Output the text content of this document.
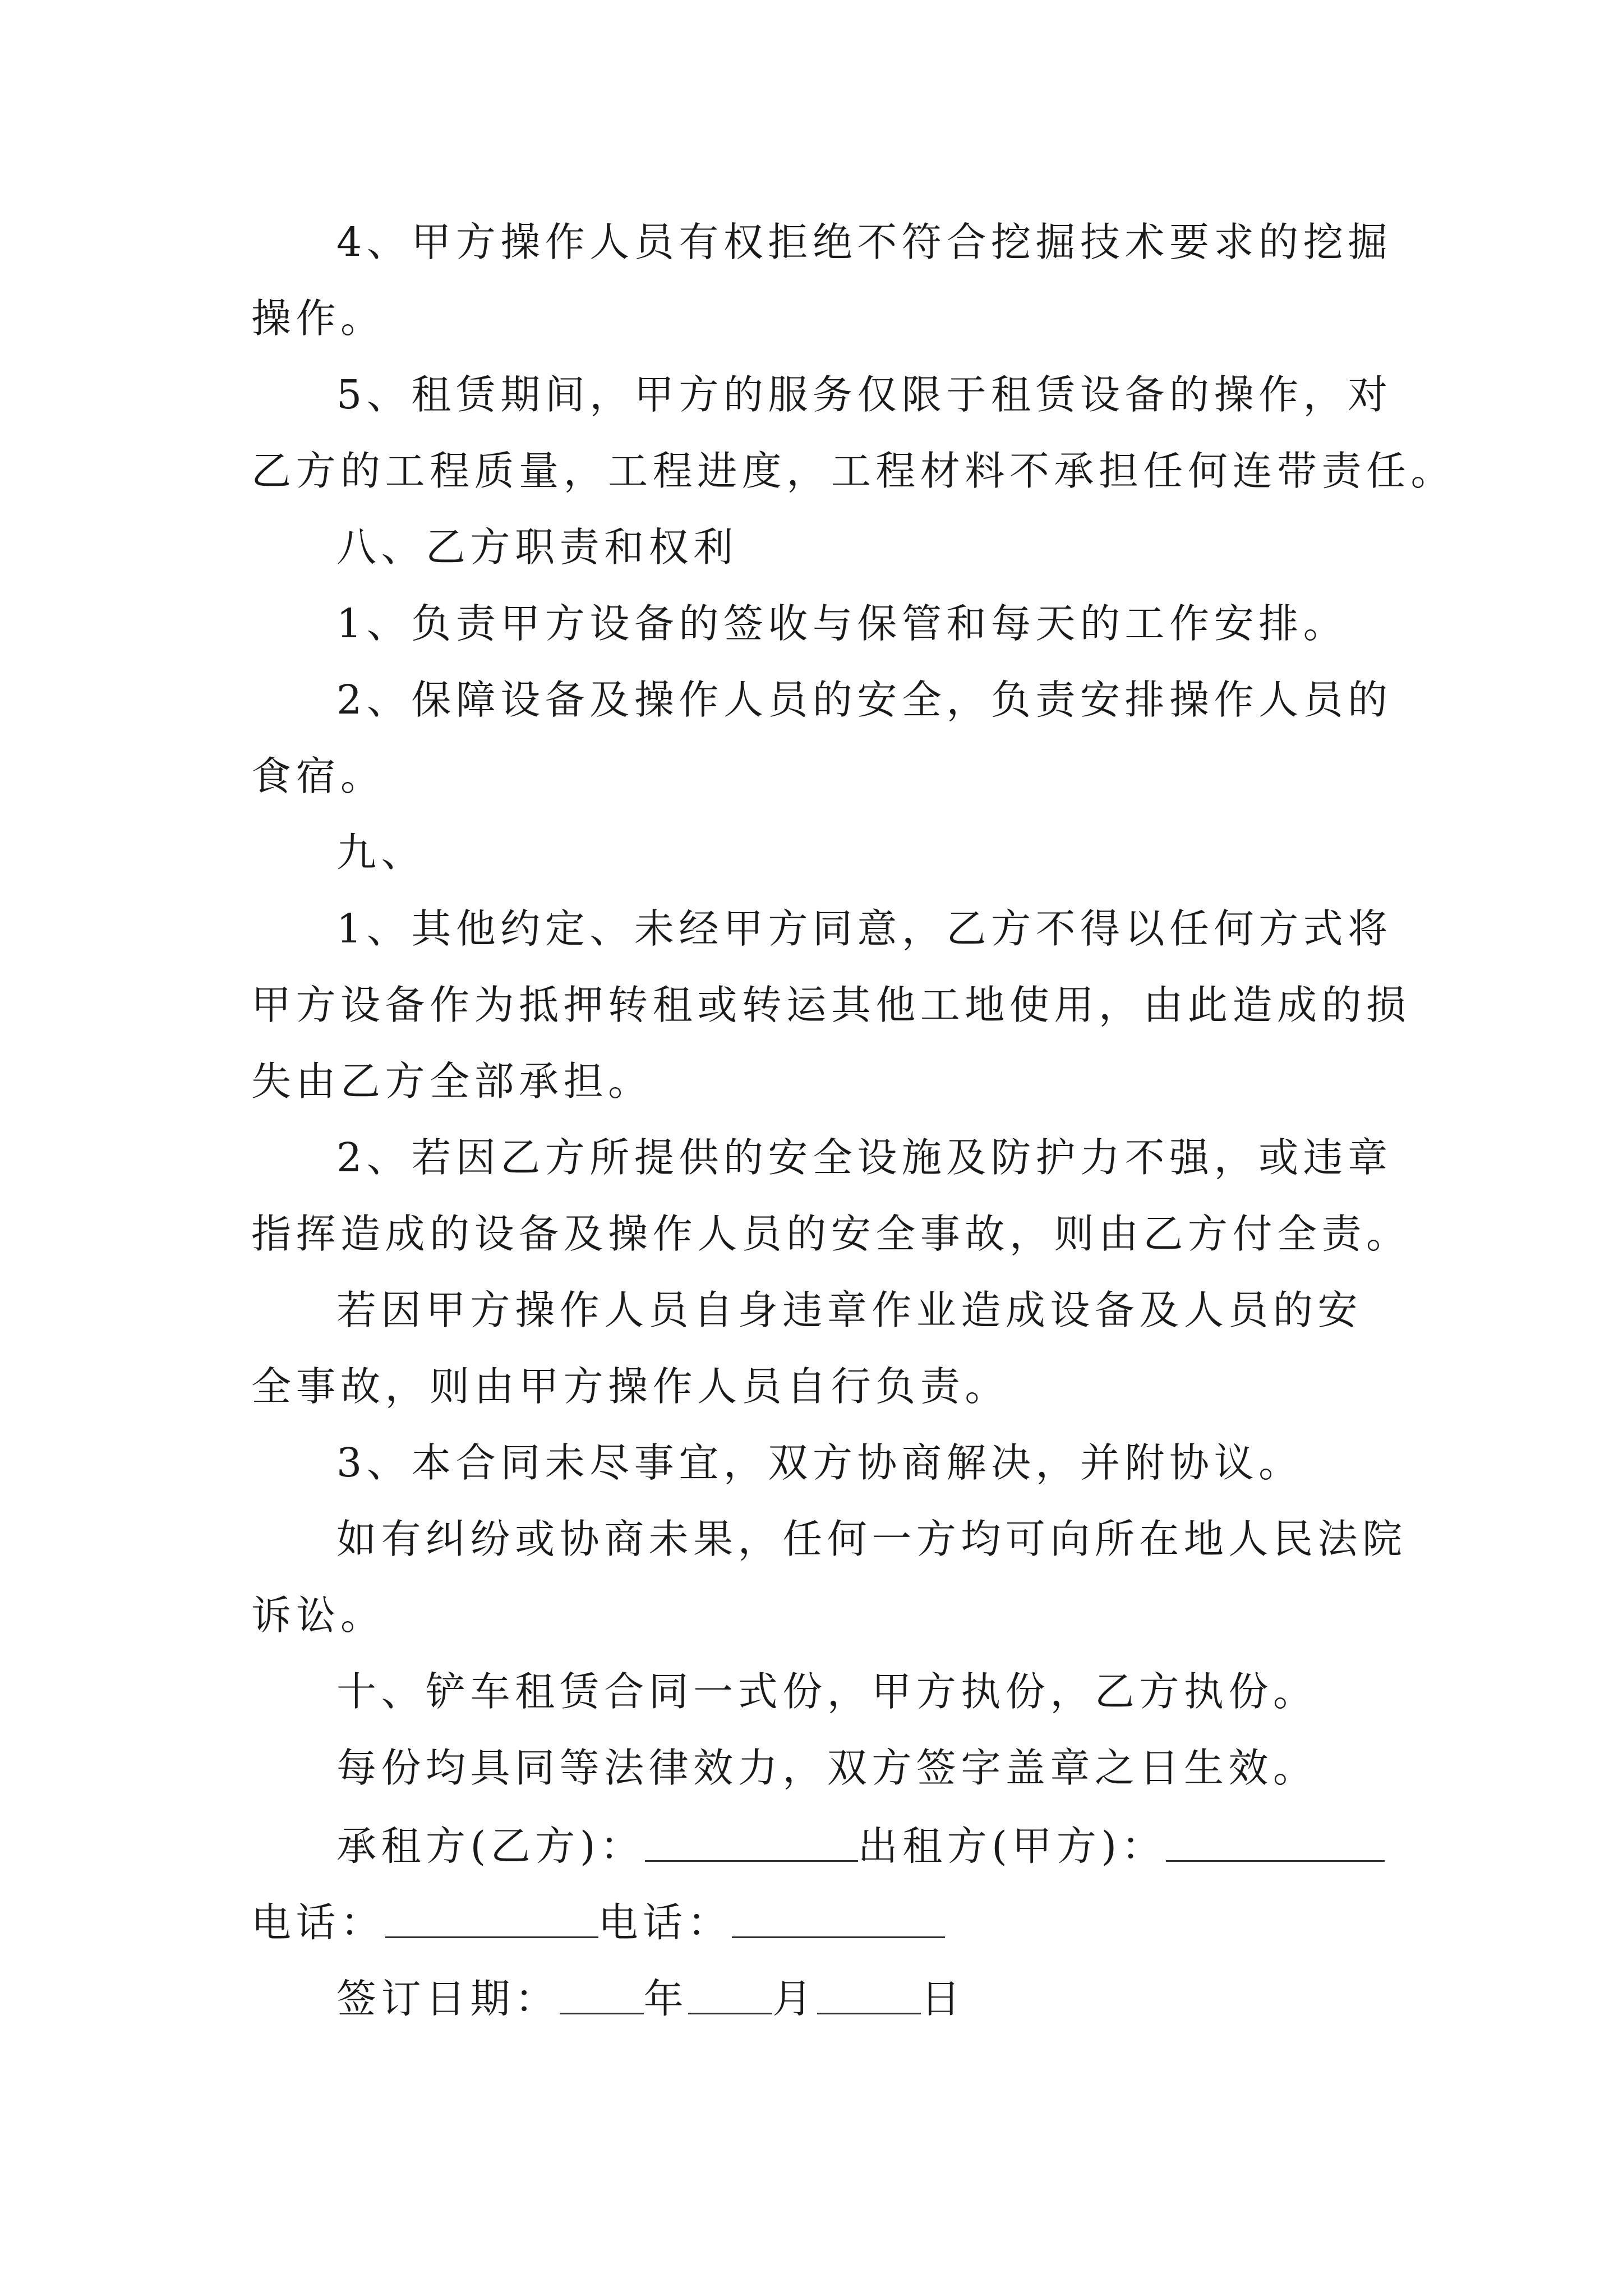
4、甲方操作人员有权拒绝不符合挖掘技术要求的挖掘
操作。
5、租赁期间，甲方的服务仅限于租赁设备的操作，对
乙方的工程质量，工程进度，工程材料不承担任何连带责任。
八、乙方职责和权利
1、负责甲方设备的签收与保管和每天的工作安排。
2、保障设备及操作人员的安全，负责安排操作人员的
食宿。
九、
1、其他约定、未经甲方同意，乙方不得以任何方式将
甲方设备作为抵押转租或转运其他工地使用，由此造成的损
失由乙方全部承担。
2、若因乙方所提供的安全设施及防护力不强，或违章
指挥造成的设备及操作人员的安全事故，则由乙方付全责。
若因甲方操作人员自身违章作业造成设备及人员的安
全事故，则由甲方操作人员自行负责。
3、本合同未尽事宜，双方协商解决，并附协议。
如有纠纷或协商未果，任何一方均可向所在地人民法院
诉讼。
十、铲车租赁合同一式份，甲方执份，乙方执份。
每份均具同等法律效力，双方签字盖章之日生效。
承租方(乙方)：	出租方(甲方)：
电话：	电话：
签订日期： 年 月	日
